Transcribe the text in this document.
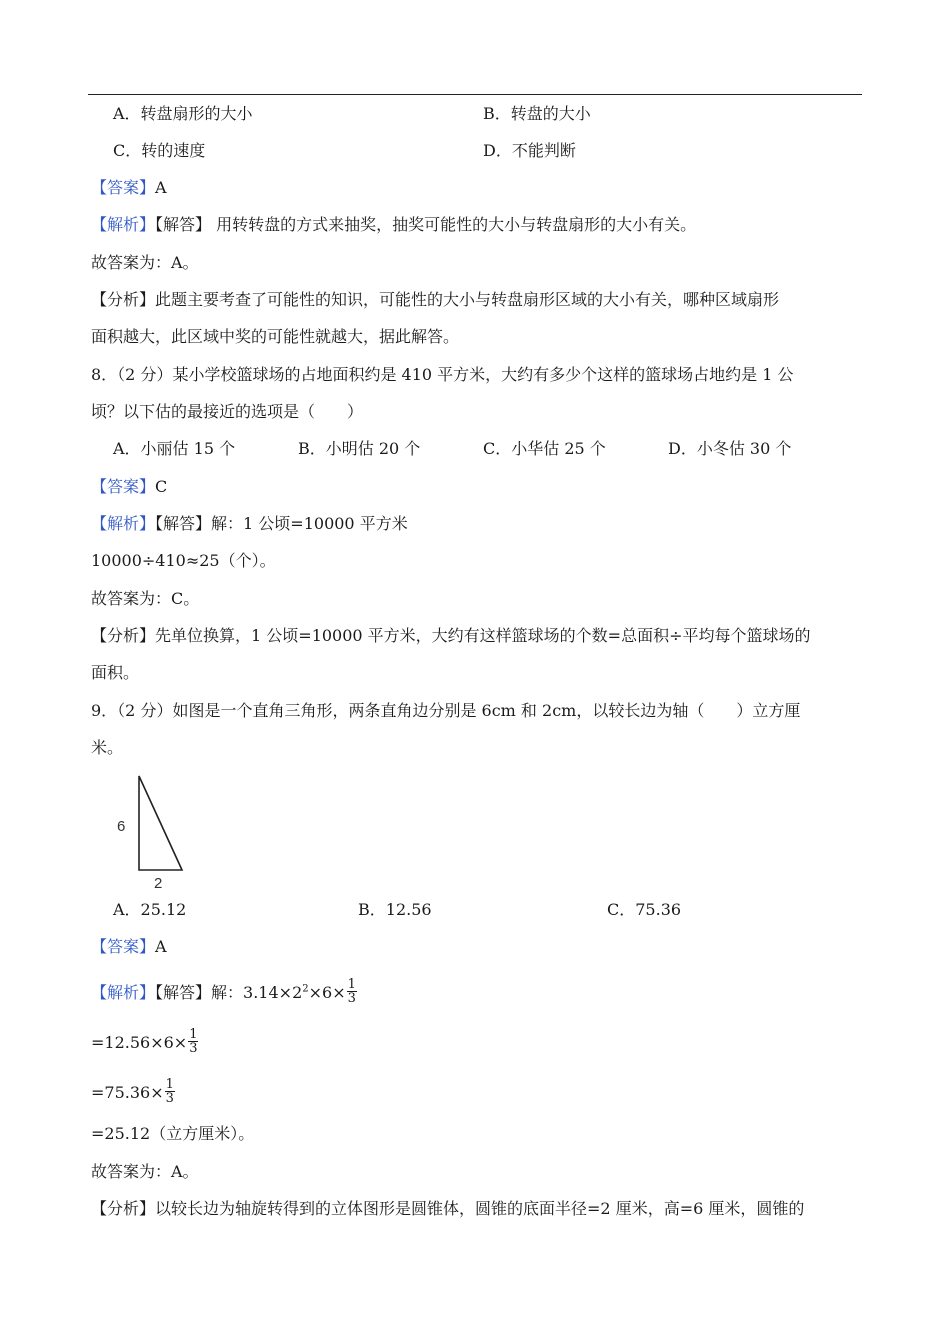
A．转盘扇形的大小	B．转盘的大小
C．转的速度	D．不能判断
【答案】A
【解析】【解答】 用转转盘的方式来抽奖，抽奖可能性的大小与转盘扇形的大小有关。
故答案为：A。
【分析】此题主要考查了可能性的知识，可能性的大小与转盘扇形区域的大小有关，哪种区域扇形
面积越大，此区域中奖的可能性就越大，据此解答。
8．（2 分）某小学校篮球场的占地面积约是 410 平方米，大约有多少个这样的篮球场占地约是 1 公
顷？以下估的最接近的选项是（　　）
A．小丽估 15 个	B．小明估 20 个	C．小华估 25 个	D．小冬估 30 个
【答案】C
【解析】【解答】解：1 公顷=10000 平方米
10000÷410≈25（个）。
故答案为：C。
【分析】先单位换算，1 公顷=10000 平方米，大约有这样篮球场的个数=总面积÷平均每个篮球场的
面积。
9．（2 分）如图是一个直角三角形，两条直角边分别是 6cm 和 2cm，以较长边为轴（　　）立方厘
米。
6
2
A．25.12	B．12.56	C．75.36
【答案】A
【解析】【解答】解：$3.14\times 2^2\times 6\times \frac{1}{3}$
$=12.56\times 6\times \frac{1}{3}$
$=75.36\times \frac{1}{3}$
=25.12（立方厘米）。
故答案为：A。
【分析】以较长边为轴旋转得到的立体图形是圆锥体，圆锥的底面半径=2 厘米，高=6 厘米，圆锥的
